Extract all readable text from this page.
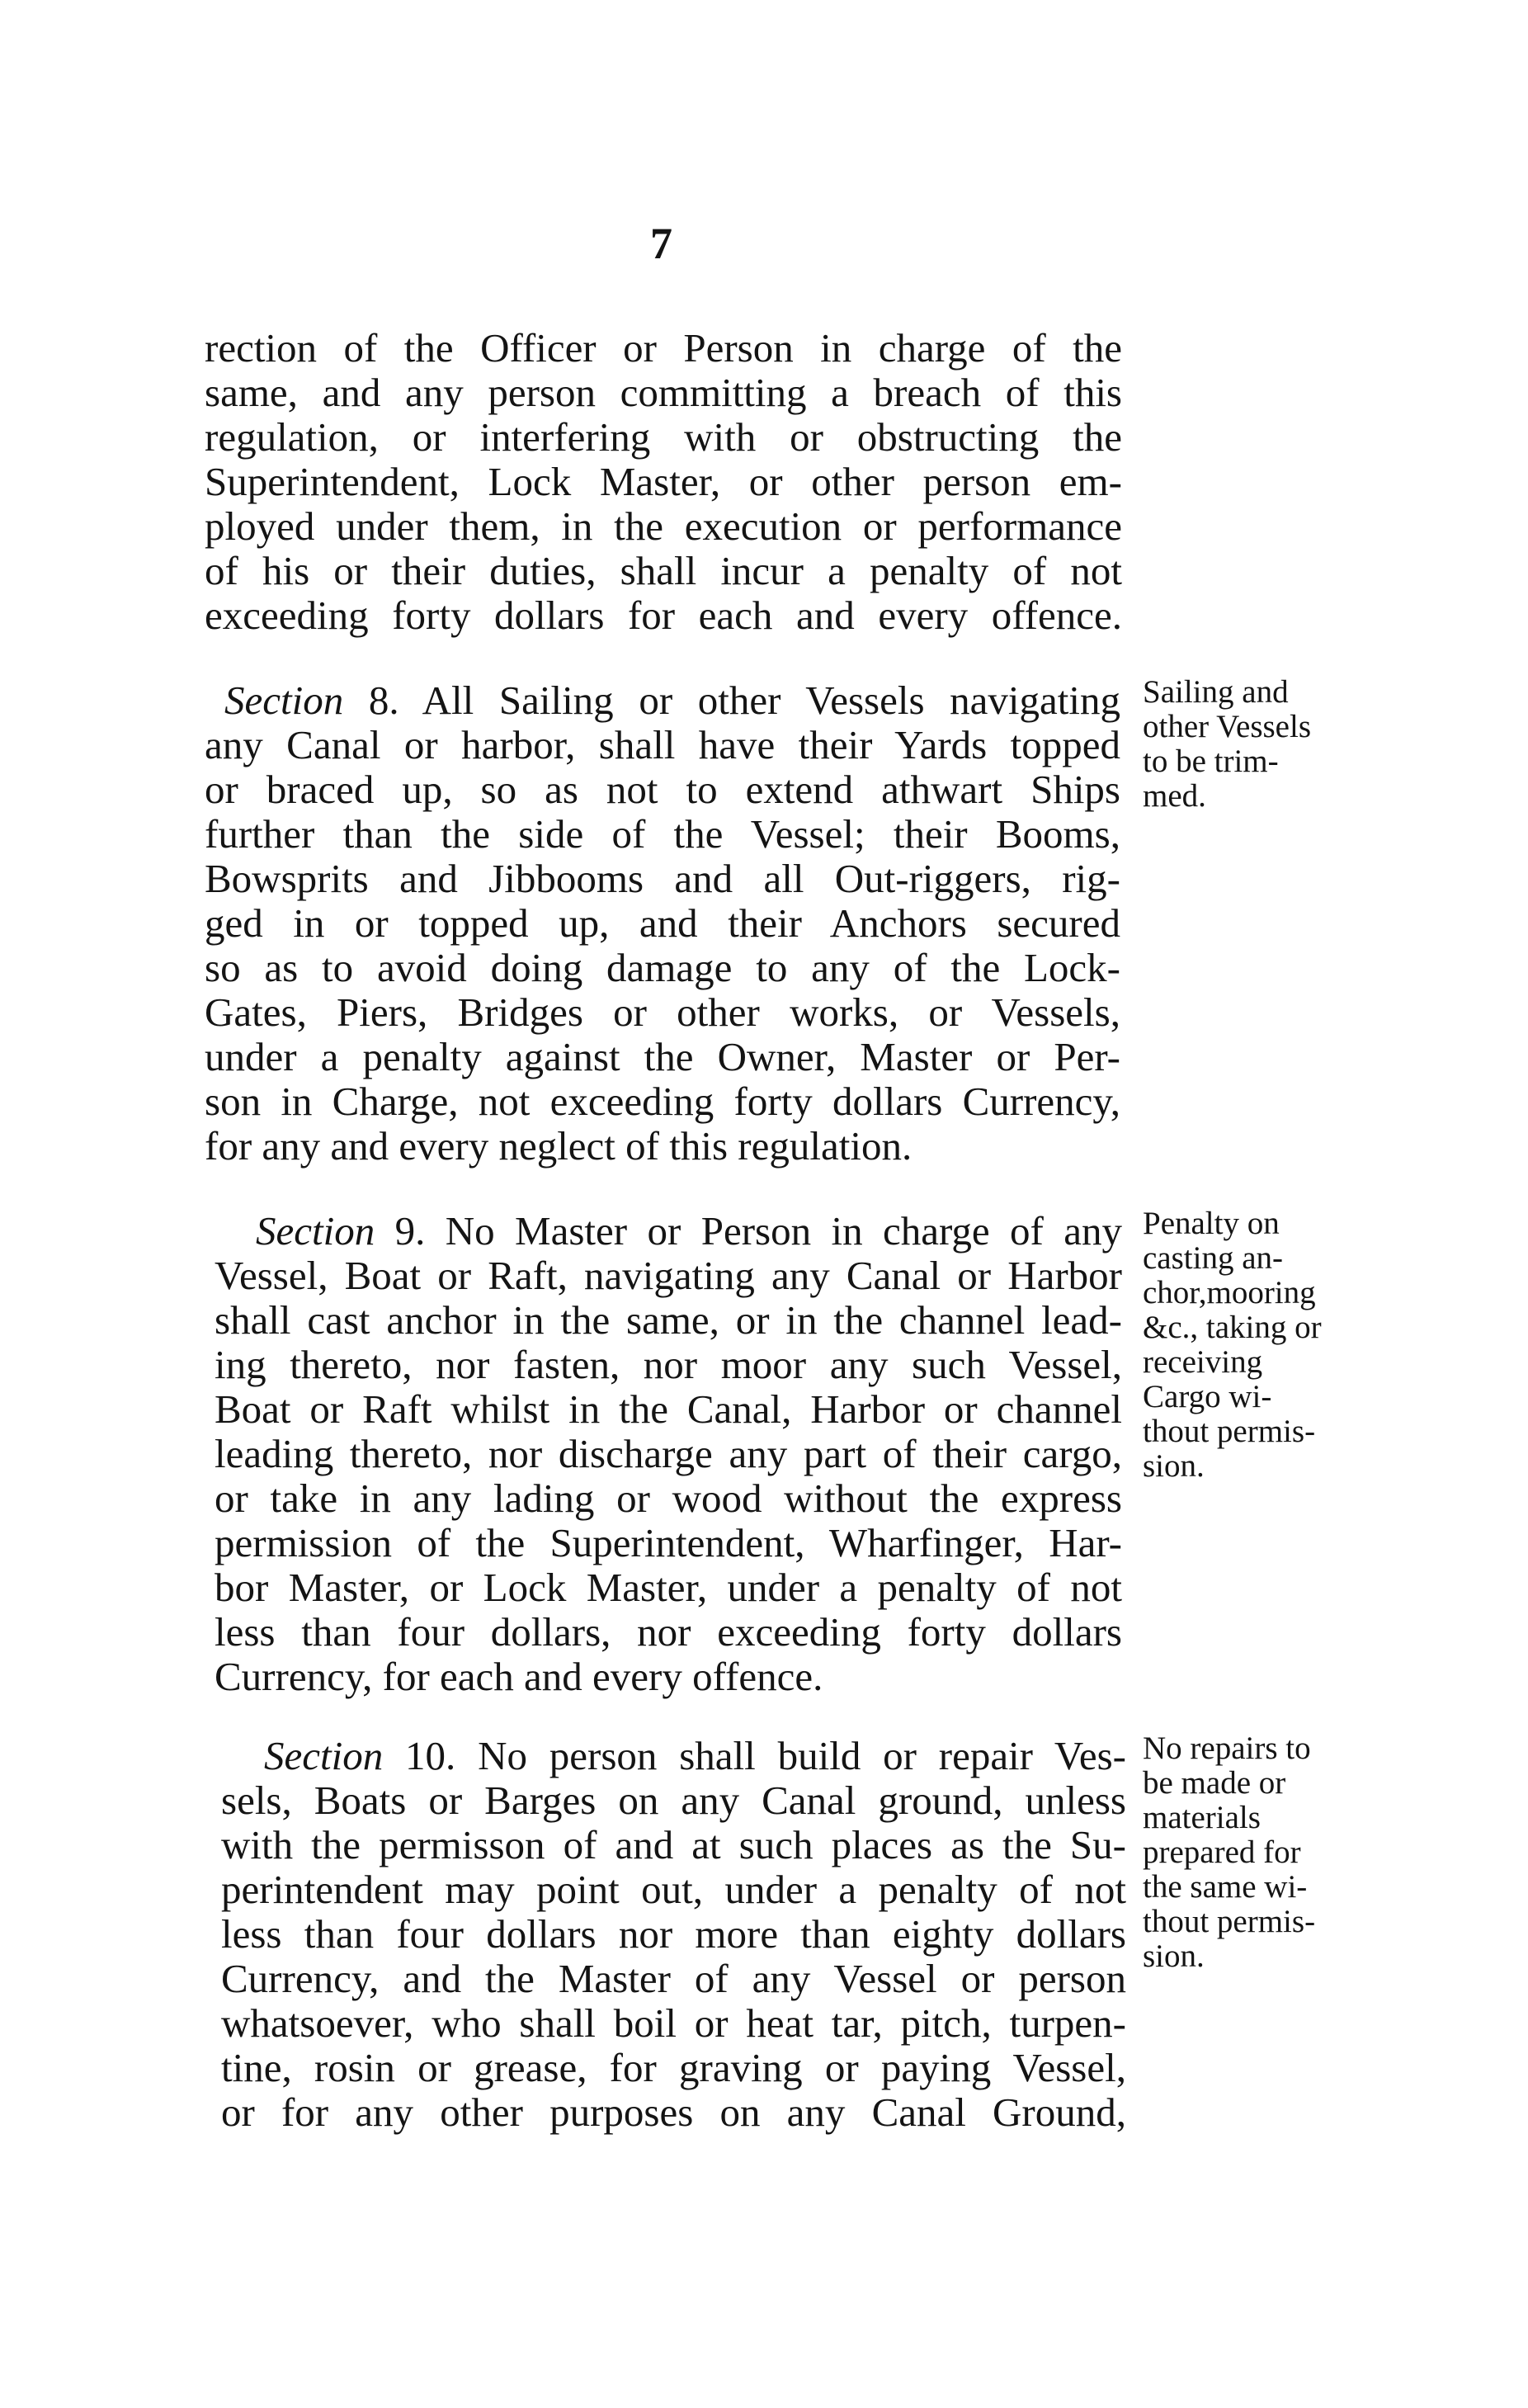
7
rection of the Officer or Person in charge of the
same, and any person committing a breach of this
regulation, or interfering with or obstructing the
Superintendent, Lock Master, or other person em-
ployed under them, in the execution or performance
of his or their duties, shall incur a penalty of not
exceeding forty dollars for each and every offence.
Section 8. All Sailing or other Vessels navigating
any Canal or harbor, shall have their Yards topped
or braced up, so as not to extend athwart Ships
further than the side of the Vessel; their Booms,
Bowsprits and Jibbooms and all Out-riggers, rig-
ged in or topped up, and their Anchors secured
so as to avoid doing damage to any of the Lock-
Gates, Piers, Bridges or other works, or Vessels,
under a penalty against the Owner, Master or Per-
son in Charge, not exceeding forty dollars Currency,
for any and every neglect of this regulation.
Sailing and
other Vessels
to be trim-
med.
Section 9. No Master or Person in charge of any
Vessel, Boat or Raft, navigating any Canal or Harbor
shall cast anchor in the same, or in the channel lead-
ing thereto, nor fasten, nor moor any such Vessel,
Boat or Raft whilst in the Canal, Harbor or channel
leading thereto, nor discharge any part of their cargo,
or take in any lading or wood without the express
permission of the Superintendent, Wharfinger, Har-
bor Master, or Lock Master, under a penalty of not
less than four dollars, nor exceeding forty dollars
Currency, for each and every offence.
Penalty on
casting an-
chor,mooring
&c., taking or
receiving
Cargo wi-
thout permis-
sion.
Section 10. No person shall build or repair Ves-
sels, Boats or Barges on any Canal ground, unless
with the permisson of and at such places as the Su-
perintendent may point out, under a penalty of not
less than four dollars nor more than eighty dollars
Currency, and the Master of any Vessel or person
whatsoever, who shall boil or heat tar, pitch, turpen-
tine, rosin or grease, for graving or paying Vessel,
or for any other purposes on any Canal Ground,
No repairs to
be made or
materials
prepared for
the same wi-
thout permis-
sion.
